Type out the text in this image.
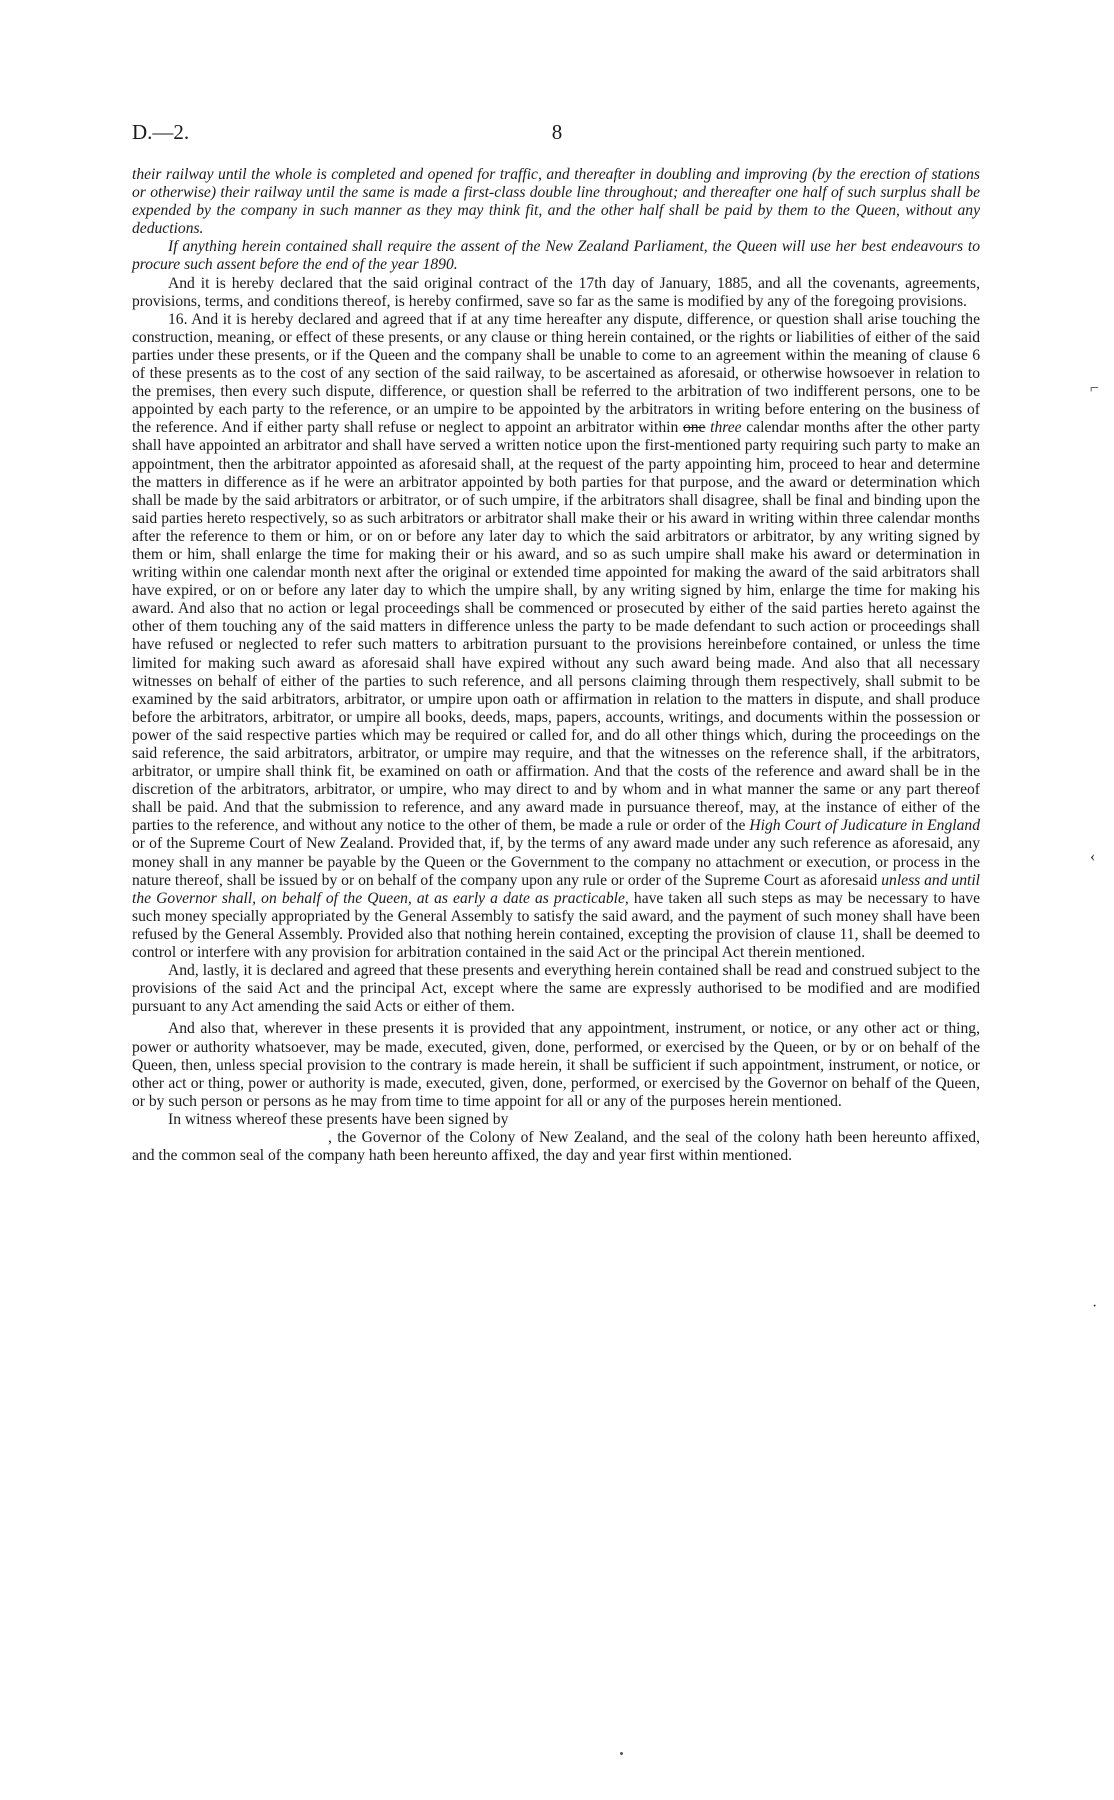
D.—2.	8

their railway until the whole is completed and opened for traffic, and thereafter in doubling and improving (by the erection of stations or otherwise) their railway until the same is made a first-class double line throughout; and thereafter one half of such surplus shall be expended by the company in such manner as they may think fit, and the other half shall be paid by them to the Queen, without any deductions.

If anything herein contained shall require the assent of the New Zealand Parliament, the Queen will use her best endeavours to procure such assent before the end of the year 1890.

And it is hereby declared that the said original contract of the 17th day of January, 1885, and all the covenants, agreements, provisions, terms, and conditions thereof, is hereby confirmed, save so far as the same is modified by any of the foregoing provisions.

16. And it is hereby declared and agreed that if at any time hereafter any dispute, difference, or question shall arise touching the construction, meaning, or effect of these presents, or any clause or thing herein contained, or the rights or liabilities of either of the said parties under these presents, or if the Queen and the company shall be unable to come to an agreement within the meaning of clause 6 of these presents as to the cost of any section of the said railway, to be ascertained as aforesaid, or otherwise howsoever in relation to the premises, then every such dispute, difference, or question shall be referred to the arbitration of two indifferent persons, one to be appointed by each party to the reference, or an umpire to be appointed by the arbitrators in writing before entering on the business of the reference. And if either party shall refuse or neglect to appoint an arbitrator within one three calendar months after the other party shall have appointed an arbitrator and shall have served a written notice upon the first-mentioned party requiring such party to make an appointment, then the arbitrator appointed as aforesaid shall, at the request of the party appointing him, proceed to hear and determine the matters in difference as if he were an arbitrator appointed by both parties for that purpose, and the award or determination which shall be made by the said arbitrators or arbitrator, or of such umpire, if the arbitrators shall disagree, shall be final and binding upon the said parties hereto respectively, so as such arbitrators or arbitrator shall make their or his award in writing within three calendar months after the reference to them or him, or on or before any later day to which the said arbitrators or arbitrator, by any writing signed by them or him, shall enlarge the time for making their or his award, and so as such umpire shall make his award or determination in writing within one calendar month next after the original or extended time appointed for making the award of the said arbitrators shall have expired, or on or before any later day to which the umpire shall, by any writing signed by him, enlarge the time for making his award. And also that no action or legal proceedings shall be commenced or prosecuted by either of the said parties hereto against the other of them touching any of the said matters in difference unless the party to be made defendant to such action or proceedings shall have refused or neglected to refer such matters to arbitration pursuant to the provisions hereinbefore contained, or unless the time limited for making such award as aforesaid shall have expired without any such award being made. And also that all necessary witnesses on behalf of either of the parties to such reference, and all persons claiming through them respectively, shall submit to be examined by the said arbitrators, arbitrator, or umpire upon oath or affirmation in relation to the matters in dispute, and shall produce before the arbitrators, arbitrator, or umpire all books, deeds, maps, papers, accounts, writings, and documents within the possession or power of the said respective parties which may be required or called for, and do all other things which, during the proceedings on the said reference, the said arbitrators, arbitrator, or umpire may require, and that the witnesses on the reference shall, if the arbitrators, arbitrator, or umpire shall think fit, be examined on oath or affirmation. And that the costs of the reference and award shall be in the discretion of the arbitrators, arbitrator, or umpire, who may direct to and by whom and in what manner the same or any part thereof shall be paid. And that the submission to reference, and any award made in pursuance thereof, may, at the instance of either of the parties to the reference, and without any notice to the other of them, be made a rule or order of the High Court of Judicature in England or of the Supreme Court of New Zealand. Provided that, if, by the terms of any award made under any such reference as aforesaid, any money shall in any manner be payable by the Queen or the Government to the company no attachment or execution, or process in the nature thereof, shall be issued by or on behalf of the company upon any rule or order of the Supreme Court as aforesaid unless and until the Governor shall, on behalf of the Queen, at as early a date as practicable, have taken all such steps as may be necessary to have such money specially appropriated by the General Assembly to satisfy the said award, and the payment of such money shall have been refused by the General Assembly. Provided also that nothing herein contained, excepting the provision of clause 11, shall be deemed to control or interfere with any provision for arbitration contained in the said Act or the principal Act therein mentioned.

And, lastly, it is declared and agreed that these presents and everything herein contained shall be read and construed subject to the provisions of the said Act and the principal Act, except where the same are expressly authorised to be modified and are modified pursuant to any Act amending the said Acts or either of them.

And also that, wherever in these presents it is provided that any appointment, instrument, or notice, or any other act or thing, power or authority whatsoever, may be made, executed, given, done, performed, or exercised by the Queen, or by or on behalf of the Queen, then, unless special provision to the contrary is made herein, it shall be sufficient if such appointment, instrument, or notice, or other act or thing, power or authority is made, executed, given, done, performed, or exercised by the Governor on behalf of the Queen, or by such person or persons as he may from time to time appoint for all or any of the purposes herein mentioned.

In witness whereof these presents have been signed by

, the Governor of the Colony of New Zealand, and the seal of the colony hath been hereunto affixed, and the common seal of the company hath been hereunto affixed, the day and year first within mentioned.

⌐
‹
·
